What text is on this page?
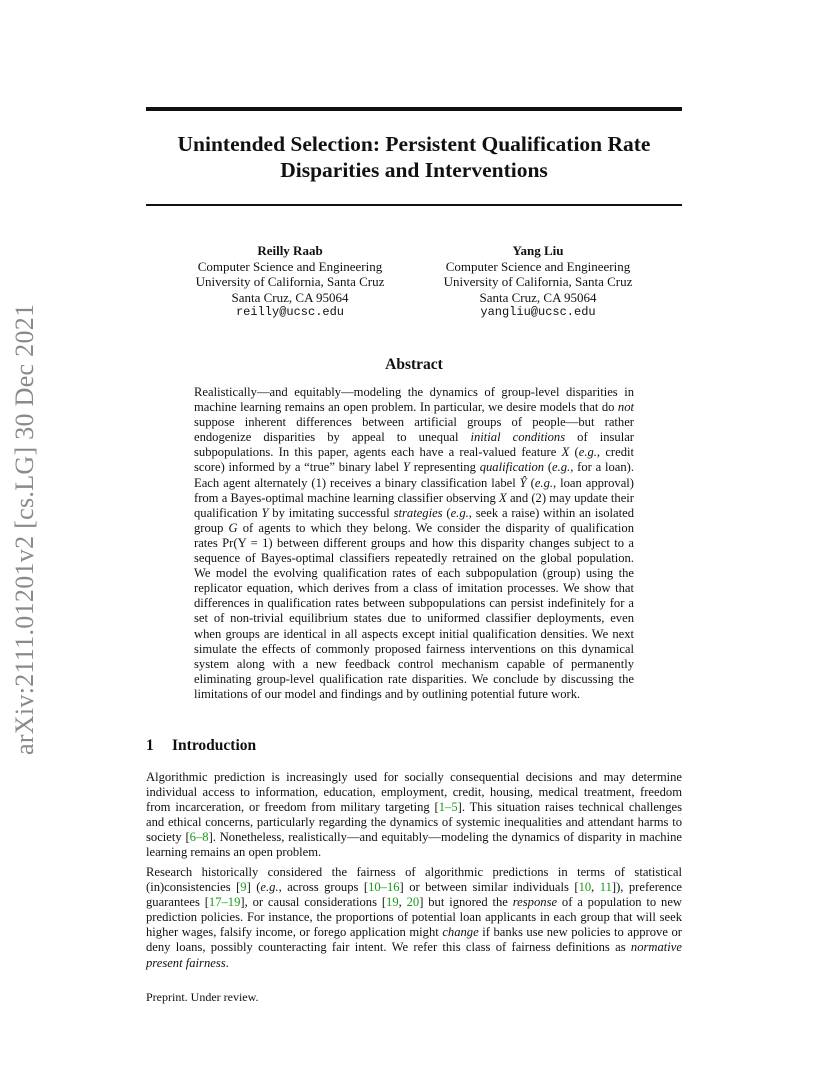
arXiv:2111.01201v2 [cs.LG] 30 Dec 2021
Unintended Selection: Persistent Qualification Rate
Disparities and Interventions
Reilly Raab
Computer Science and Engineering
University of California, Santa Cruz
Santa Cruz, CA 95064
reilly@ucsc.edu
Yang Liu
Computer Science and Engineering
University of California, Santa Cruz
Santa Cruz, CA 95064
yangliu@ucsc.edu
Abstract
Realistically—and equitably—modeling the dynamics of group-level disparities in machine learning remains an open problem. In particular, we desire models that do not suppose inherent differences between artificial groups of people—but rather endogenize disparities by appeal to unequal initial conditions of insular subpopulations. In this paper, agents each have a real-valued feature X (e.g., credit score) informed by a “true” binary label Y representing qualification (e.g., for a loan). Each agent alternately (1) receives a binary classification label Ŷ (e.g., loan approval) from a Bayes-optimal machine learning classifier observing X and (2) may update their qualification Y by imitating successful strategies (e.g., seek a raise) within an isolated group G of agents to which they belong. We consider the disparity of qualification rates Pr(Y = 1) between different groups and how this disparity changes subject to a sequence of Bayes-optimal classifiers repeatedly retrained on the global population. We model the evolving qualification rates of each subpopulation (group) using the replicator equation, which derives from a class of imitation processes. We show that differences in qualification rates between subpopulations can persist indefinitely for a set of non-trivial equilibrium states due to uniformed classifier deployments, even when groups are identical in all aspects except initial qualification densities. We next simulate the effects of commonly proposed fairness interventions on this dynamical system along with a new feedback control mechanism capable of permanently eliminating group-level qualification rate disparities. We conclude by discussing the limitations of our model and findings and by outlining potential future work.
1 Introduction
Algorithmic prediction is increasingly used for socially consequential decisions and may determine individual access to information, education, employment, credit, housing, medical treatment, freedom from incarceration, or freedom from military targeting [ 1–5 ] . This situation raises technical challenges and ethical concerns, particularly regarding the dynamics of systemic inequalities and attendant harms to society [ 6–8 ] . Nonetheless, realistically—and equitably—modeling the dynamics of disparity in machine learning remains an open problem.
Research historically considered the fairness of algorithmic predictions in terms of statistical (in)consistencies [ 9 ] (e.g., across groups [ 10–16 ] or between similar individuals [10, 11]), preference guarantees [ 17–19 ] , or causal considerations [19, 20] but ignored the response of a population to new prediction policies. For instance, the proportions of potential loan applicants in each group that will seek higher wages, falsify income, or forego application might change if banks use new policies to approve or deny loans, possibly counteracting fair intent. We refer this class of fairness definitions as normative present fairness.
Preprint. Under review.
